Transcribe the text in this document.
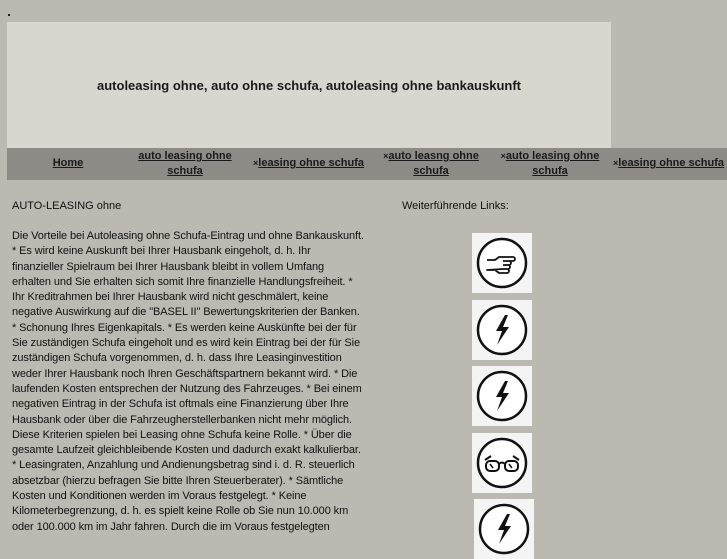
autoleasing ohne, auto ohne schufa, autoleasing ohne bankauskunft
Home
auto leasing ohne schufa
×leasing ohne schufa
×auto leasng ohne schufa
×auto leasing ohne schufa
×leasing ohne schufa
AUTO-LEASING ohne
Die Vorteile bei Autoleasing ohne Schufa-Eintrag und ohne Bankauskunft. * Es wird keine Auskunft bei Ihrer Hausbank eingeholt, d. h. Ihr finanzieller Spielraum bei Ihrer Hausbank bleibt in vollem Umfang erhalten und Sie erhalten sich somit Ihre finanzielle Handlungsfreiheit. * Ihr Kreditrahmen bei Ihrer Hausbank wird nicht geschmälert, keine negative Auswirkung auf die "BASEL II" Bewertungskriterien der Banken. * Schonung Ihres Eigenkapitals. * Es werden keine Auskünfte bei der für Sie zuständigen Schufa eingeholt und es wird kein Eintrag bei der für Sie zuständigen Schufa vorgenommen, d. h. dass Ihre Leasinginvestition weder Ihrer Hausbank noch Ihren Geschäftspartnern bekannt wird. * Die laufenden Kosten entsprechen der Nutzung des Fahrzeuges. * Bei einem negativen Eintrag in der Schufa ist oftmals eine Finanzierung über Ihre Hausbank oder über die Fahrzeugherstellerbanken nicht mehr möglich. Diese Kriterien spielen bei Leasing ohne Schufa keine Rolle. * Über die gesamte Laufzeit gleichbleibende Kosten und dadurch exakt kalkulierbar. * Leasingraten, Anzahlung und Andienungsbetrag sind i. d. R. steuerlich absetzbar (hierzu befragen Sie bitte Ihren Steuerberater). * Sämtliche Kosten und Konditionen werden im Voraus festgelegt. * Keine Kilometerbegrenzung, d. h. es spielt keine Rolle ob Sie nun 10.000 km oder 100.000 km im Jahr fahren. Durch die im Voraus festgelegten
Weiterführende Links:
